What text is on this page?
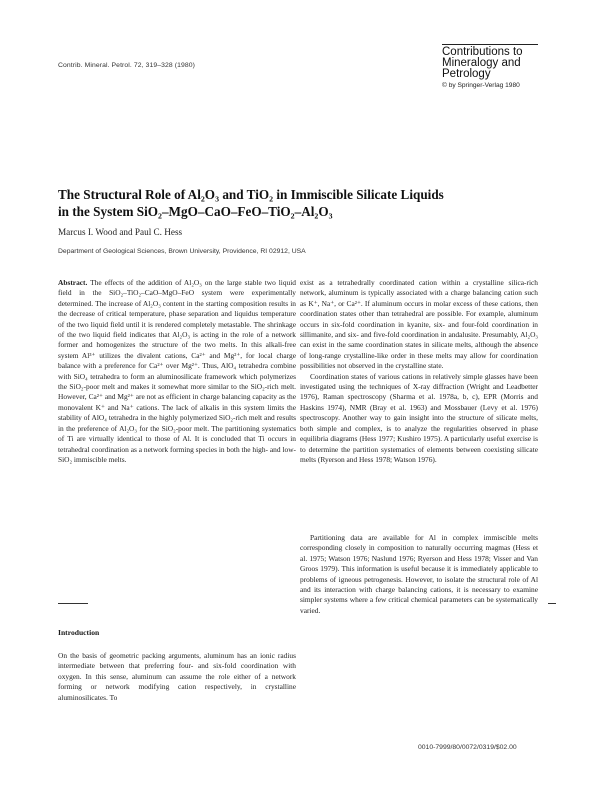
Contrib. Mineral. Petrol. 72, 319–328 (1980)
Contributions to
Mineralogy and
Petrology
© by Springer-Verlag 1980
The Structural Role of Al₂O₃ and TiO₂ in Immiscible Silicate Liquids
in the System SiO₂–MgO–CaO–FeO–TiO₂–Al₂O₃
Marcus I. Wood and Paul C. Hess
Department of Geological Sciences, Brown University, Providence, RI 02912, USA

Abstract. The effects of the addition of Al₂O₃ on the large stable two liquid field in the SiO₂–TiO₂–CaO–MgO–FeO system were experimentally determined. The increase of Al₂O₃ content in the starting composition results in the decrease of critical temperature, phase separation and liquidus temperature of the two liquid field until it is rendered completely metastable. The shrinkage of the two liquid field indicates that Al₂O₃ is acting in the role of a network former and homogenizes the structure of the two melts. In this alkali-free system Al³⁺ utilizes the divalent cations, Ca²⁺ and Mg²⁺, for local charge balance with a preference for Ca²⁺ over Mg²⁺. Thus, AlO₄ tetrahedra combine with SiO₄ tetrahedra to form an aluminosilicate framework which polymerizes the SiO₂-poor melt and makes it somewhat more similar to the SiO₂-rich melt. However, Ca²⁺ and Mg²⁺ are not as efficient in charge balancing capacity as the monovalent K⁺ and Na⁺ cations. The lack of alkalis in this system limits the stability of AlO₄ tetrahedra in the highly polymerized SiO₂-rich melt and results in the preference of Al₂O₃ for the SiO₂-poor melt. The partitioning systematics of Ti are virtually identical to those of Al. It is concluded that Ti occurs in tetrahedral coordination as a network forming species in both the high- and low-SiO₂ immiscible melts.

exist as a tetrahedrally coordinated cation within a crystalline silica-rich network, aluminum is typically associated with a charge balancing cation such as K⁺, Na⁺, or Ca²⁺. If aluminum occurs in molar excess of these cations, then coordination states other than tetrahedral are possible. For example, aluminum occurs in six-fold coordination in kyanite, six- and four-fold coordination in sillimanite, and six- and five-fold coordination in andalusite. Presumably, Al₂O₃ can exist in the same coordination states in silicate melts, although the absence of long-range crystalline-like order in these melts may allow for coordination possibilities not observed in the crystalline state.

Coordination states of various cations in relatively simple glasses have been investigated using the techniques of X-ray diffraction (Wright and Leadbetter 1976), Raman spectroscopy (Sharma et al. 1978a, b, c), EPR (Morris and Haskins 1974), NMR (Bray et al. 1963) and Mossbauer (Levy et al. 1976) spectroscopy. Another way to gain insight into the structure of silicate melts, both simple and complex, is to analyze the regularities observed in phase equilibria diagrams (Hess 1977; Kushiro 1975). A particularly useful exercise is to determine the partition systematics of elements between coexisting silicate melts (Ryerson and Hess 1978; Watson 1976).

Partitioning data are available for Al in complex immiscible melts corresponding closely in composition to naturally occurring magmas (Hess et al. 1975; Watson 1976; Naslund 1976; Ryerson and Hess 1978; Visser and Van Groos 1979). This information is useful because it is immediately applicable to problems of igneous petrogenesis. However, to isolate the structural role of Al and its interaction with charge balancing cations, it is necessary to examine simpler systems where a few critical chemical parameters can be systematically varied.

Introduction

On the basis of geometric packing arguments, aluminum has an ionic radius intermediate between that preferring four- and six-fold coordination with oxygen. In this sense, aluminum can assume the role either of a network forming or network modifying cation respectively, in crystalline aluminosilicates. To

0010-7999/80/0072/0319/$02.00
